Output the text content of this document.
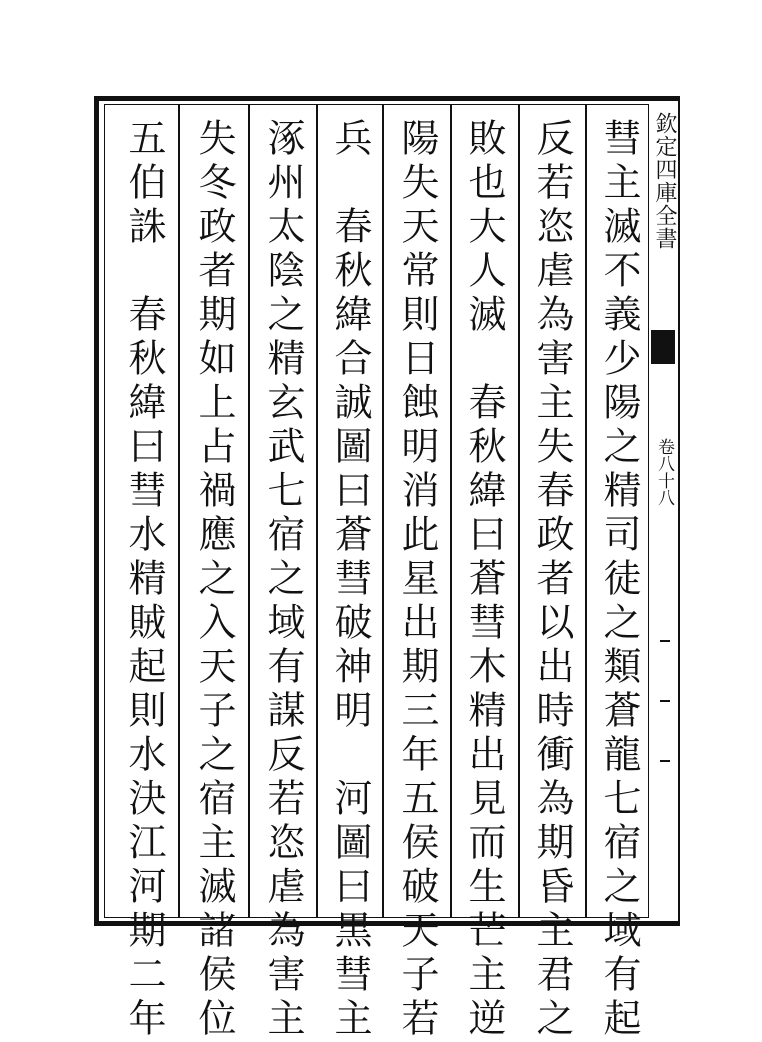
欽定四庫全書
卷八十八
彗主滅不義少陽之精司徒之類蒼龍七宿之域有起
反若恣虐為害主失春政者以出時衝為期昏主君之
敗也大人滅　春秋緯曰蒼彗木精出見而生芒主逆
陽失天常則日蝕明消此星出期三年五侯破天子若
兵　春秋緯合誠圖曰蒼彗破神明　河圖曰黒彗主
涿州太陰之精玄武七宿之域有謀反若恣虐為害主
失冬政者期如上占禍應之入天子之宿主滅諸侯位
五伯誅　春秋緯曰彗水精賊起則水決江河期二年
